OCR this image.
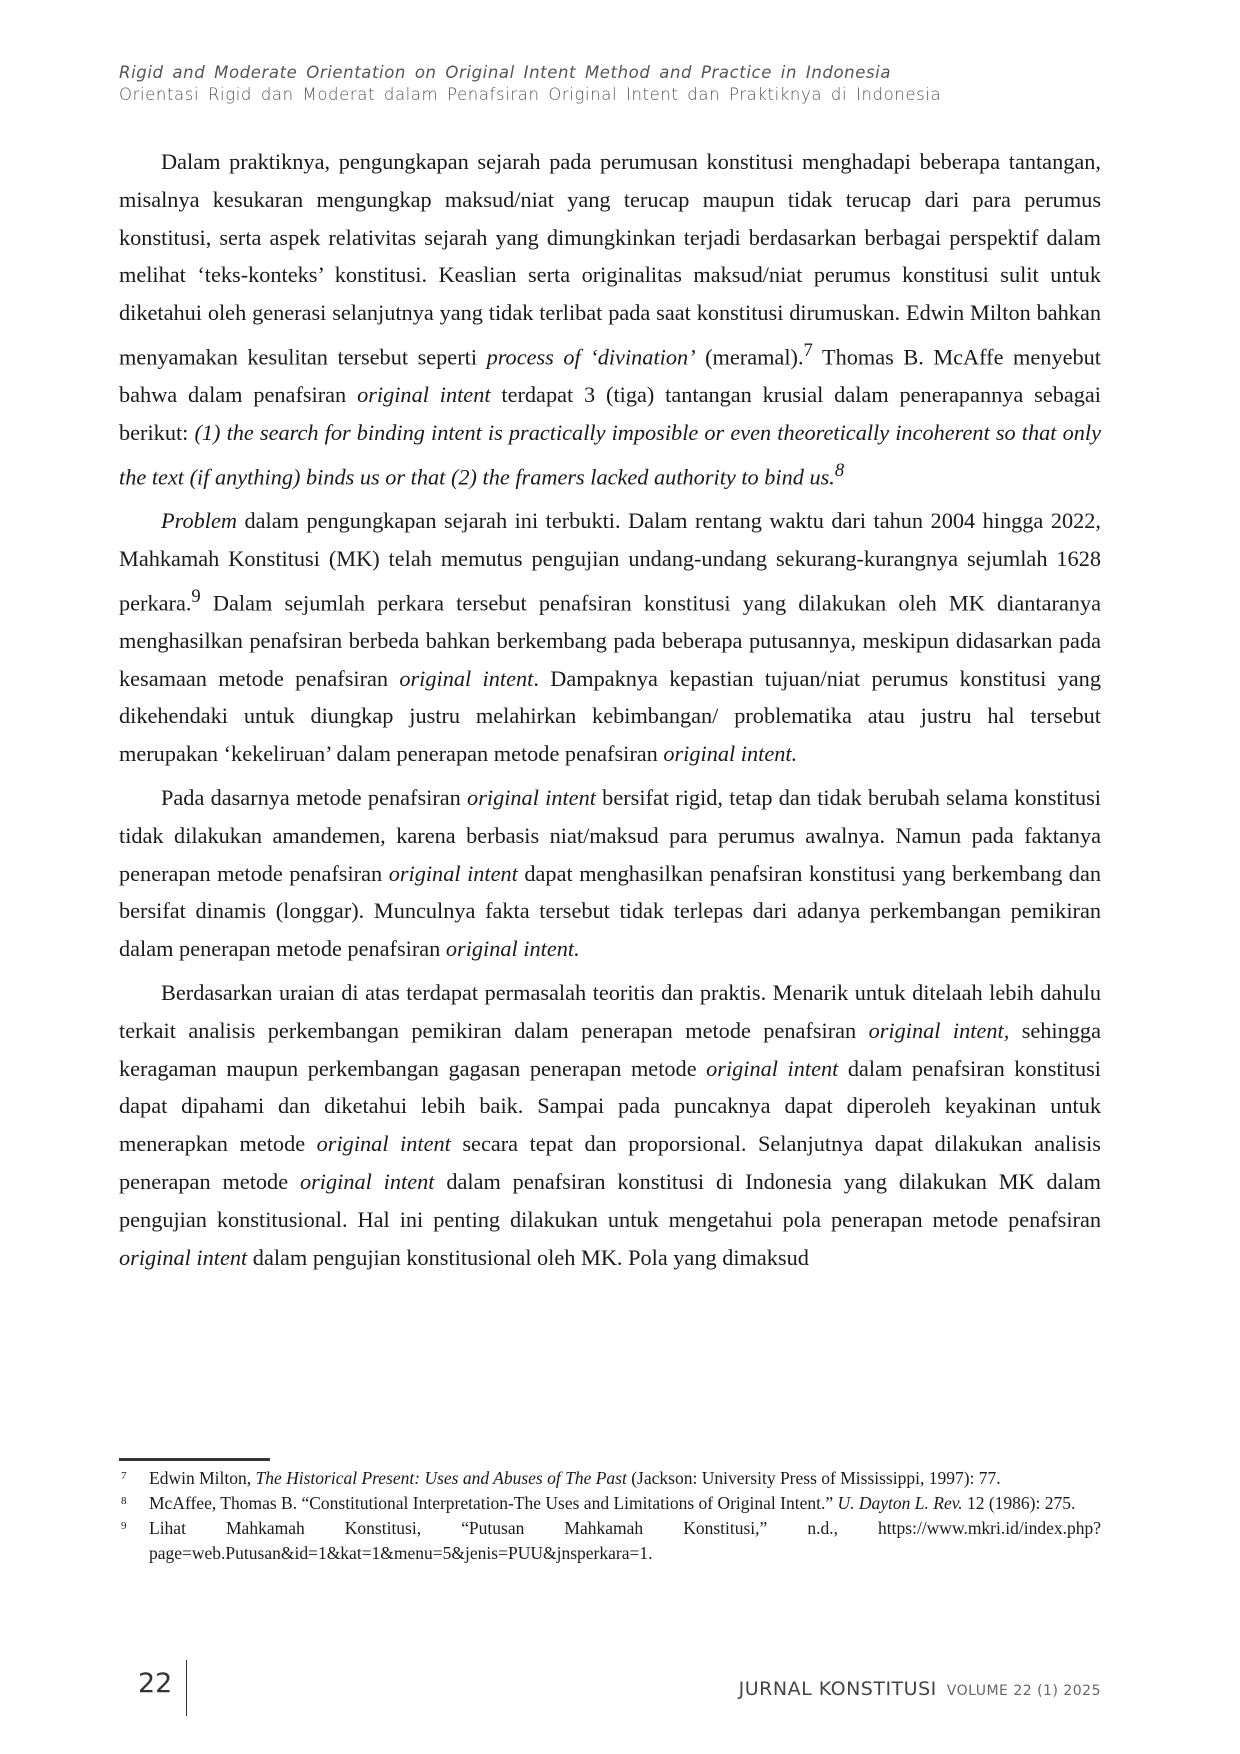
Rigid and Moderate Orientation on Original Intent Method and Practice in Indonesia
Orientasi Rigid dan Moderat dalam Penafsiran Original Intent dan Praktiknya di Indonesia

Dalam praktiknya, pengungkapan sejarah pada perumusan konstitusi menghadapi beberapa tantangan, misalnya kesukaran mengungkap maksud/niat yang terucap maupun tidak terucap dari para perumus konstitusi, serta aspek relativitas sejarah yang dimungkinkan terjadi berdasarkan berbagai perspektif dalam melihat ‘teks-konteks’ konstitusi. Keaslian serta originalitas maksud/niat perumus konstitusi sulit untuk diketahui oleh generasi selanjutnya yang tidak terlibat pada saat konstitusi dirumuskan. Edwin Milton bahkan menyamakan kesulitan tersebut seperti process of ‘divination’ (meramal).$^7$ Thomas B. McAffe menyebut bahwa dalam penafsiran original intent terdapat 3 (tiga) tantangan krusial dalam penerapannya sebagai berikut: (1) the search for binding intent is practically imposible or even theoretically incoherent so that only the text (if anything) binds us or that (2) the framers lacked authority to bind us.$^8$

Problem dalam pengungkapan sejarah ini terbukti. Dalam rentang waktu dari tahun 2004 hingga 2022, Mahkamah Konstitusi (MK) telah memutus pengujian undang-undang sekurang-kurangnya sejumlah 1628 perkara.$^9$ Dalam sejumlah perkara tersebut penafsiran konstitusi yang dilakukan oleh MK diantaranya menghasilkan penafsiran berbeda bahkan berkembang pada beberapa putusannya, meskipun didasarkan pada kesamaan metode penafsiran original intent. Dampaknya kepastian tujuan/niat perumus konstitusi yang dikehendaki untuk diungkap justru melahirkan kebimbangan/ problematika atau justru hal tersebut merupakan ‘kekeliruan’ dalam penerapan metode penafsiran original intent.

Pada dasarnya metode penafsiran original intent bersifat rigid, tetap dan tidak berubah selama konstitusi tidak dilakukan amandemen, karena berbasis niat/maksud para perumus awalnya. Namun pada faktanya penerapan metode penafsiran original intent dapat menghasilkan penafsiran konstitusi yang berkembang dan bersifat dinamis (longgar). Munculnya fakta tersebut tidak terlepas dari adanya perkembangan pemikiran dalam penerapan metode penafsiran original intent.

Berdasarkan uraian di atas terdapat permasalah teoritis dan praktis. Menarik untuk ditelaah lebih dahulu terkait analisis perkembangan pemikiran dalam penerapan metode penafsiran original intent, sehingga keragaman maupun perkembangan gagasan penerapan metode original intent dalam penafsiran konstitusi dapat dipahami dan diketahui lebih baik. Sampai pada puncaknya dapat diperoleh keyakinan untuk menerapkan metode original intent secara tepat dan proporsional. Selanjutnya dapat dilakukan analisis penerapan metode original intent dalam penafsiran konstitusi di Indonesia yang dilakukan MK dalam pengujian konstitusional. Hal ini penting dilakukan untuk mengetahui pola penerapan metode penafsiran original intent dalam pengujian konstitusional oleh MK. Pola yang dimaksud

7 Edwin Milton, The Historical Present: Uses and Abuses of The Past (Jackson: University Press of Mississippi, 1997): 77.
8 McAffee, Thomas B. “Constitutional Interpretation-The Uses and Limitations of Original Intent.” U. Dayton L. Rev. 12 (1986): 275.
9 Lihat Mahkamah Konstitusi, “Putusan Mahkamah Konstitusi,” n.d., https://www.mkri.id/index.php?page=web.Putusan&id=1&kat=1&menu=5&jenis=PUU&jnsperkara=1.
22	JURNAL KONSTITUSI VOLUME 22 (1) 2025
